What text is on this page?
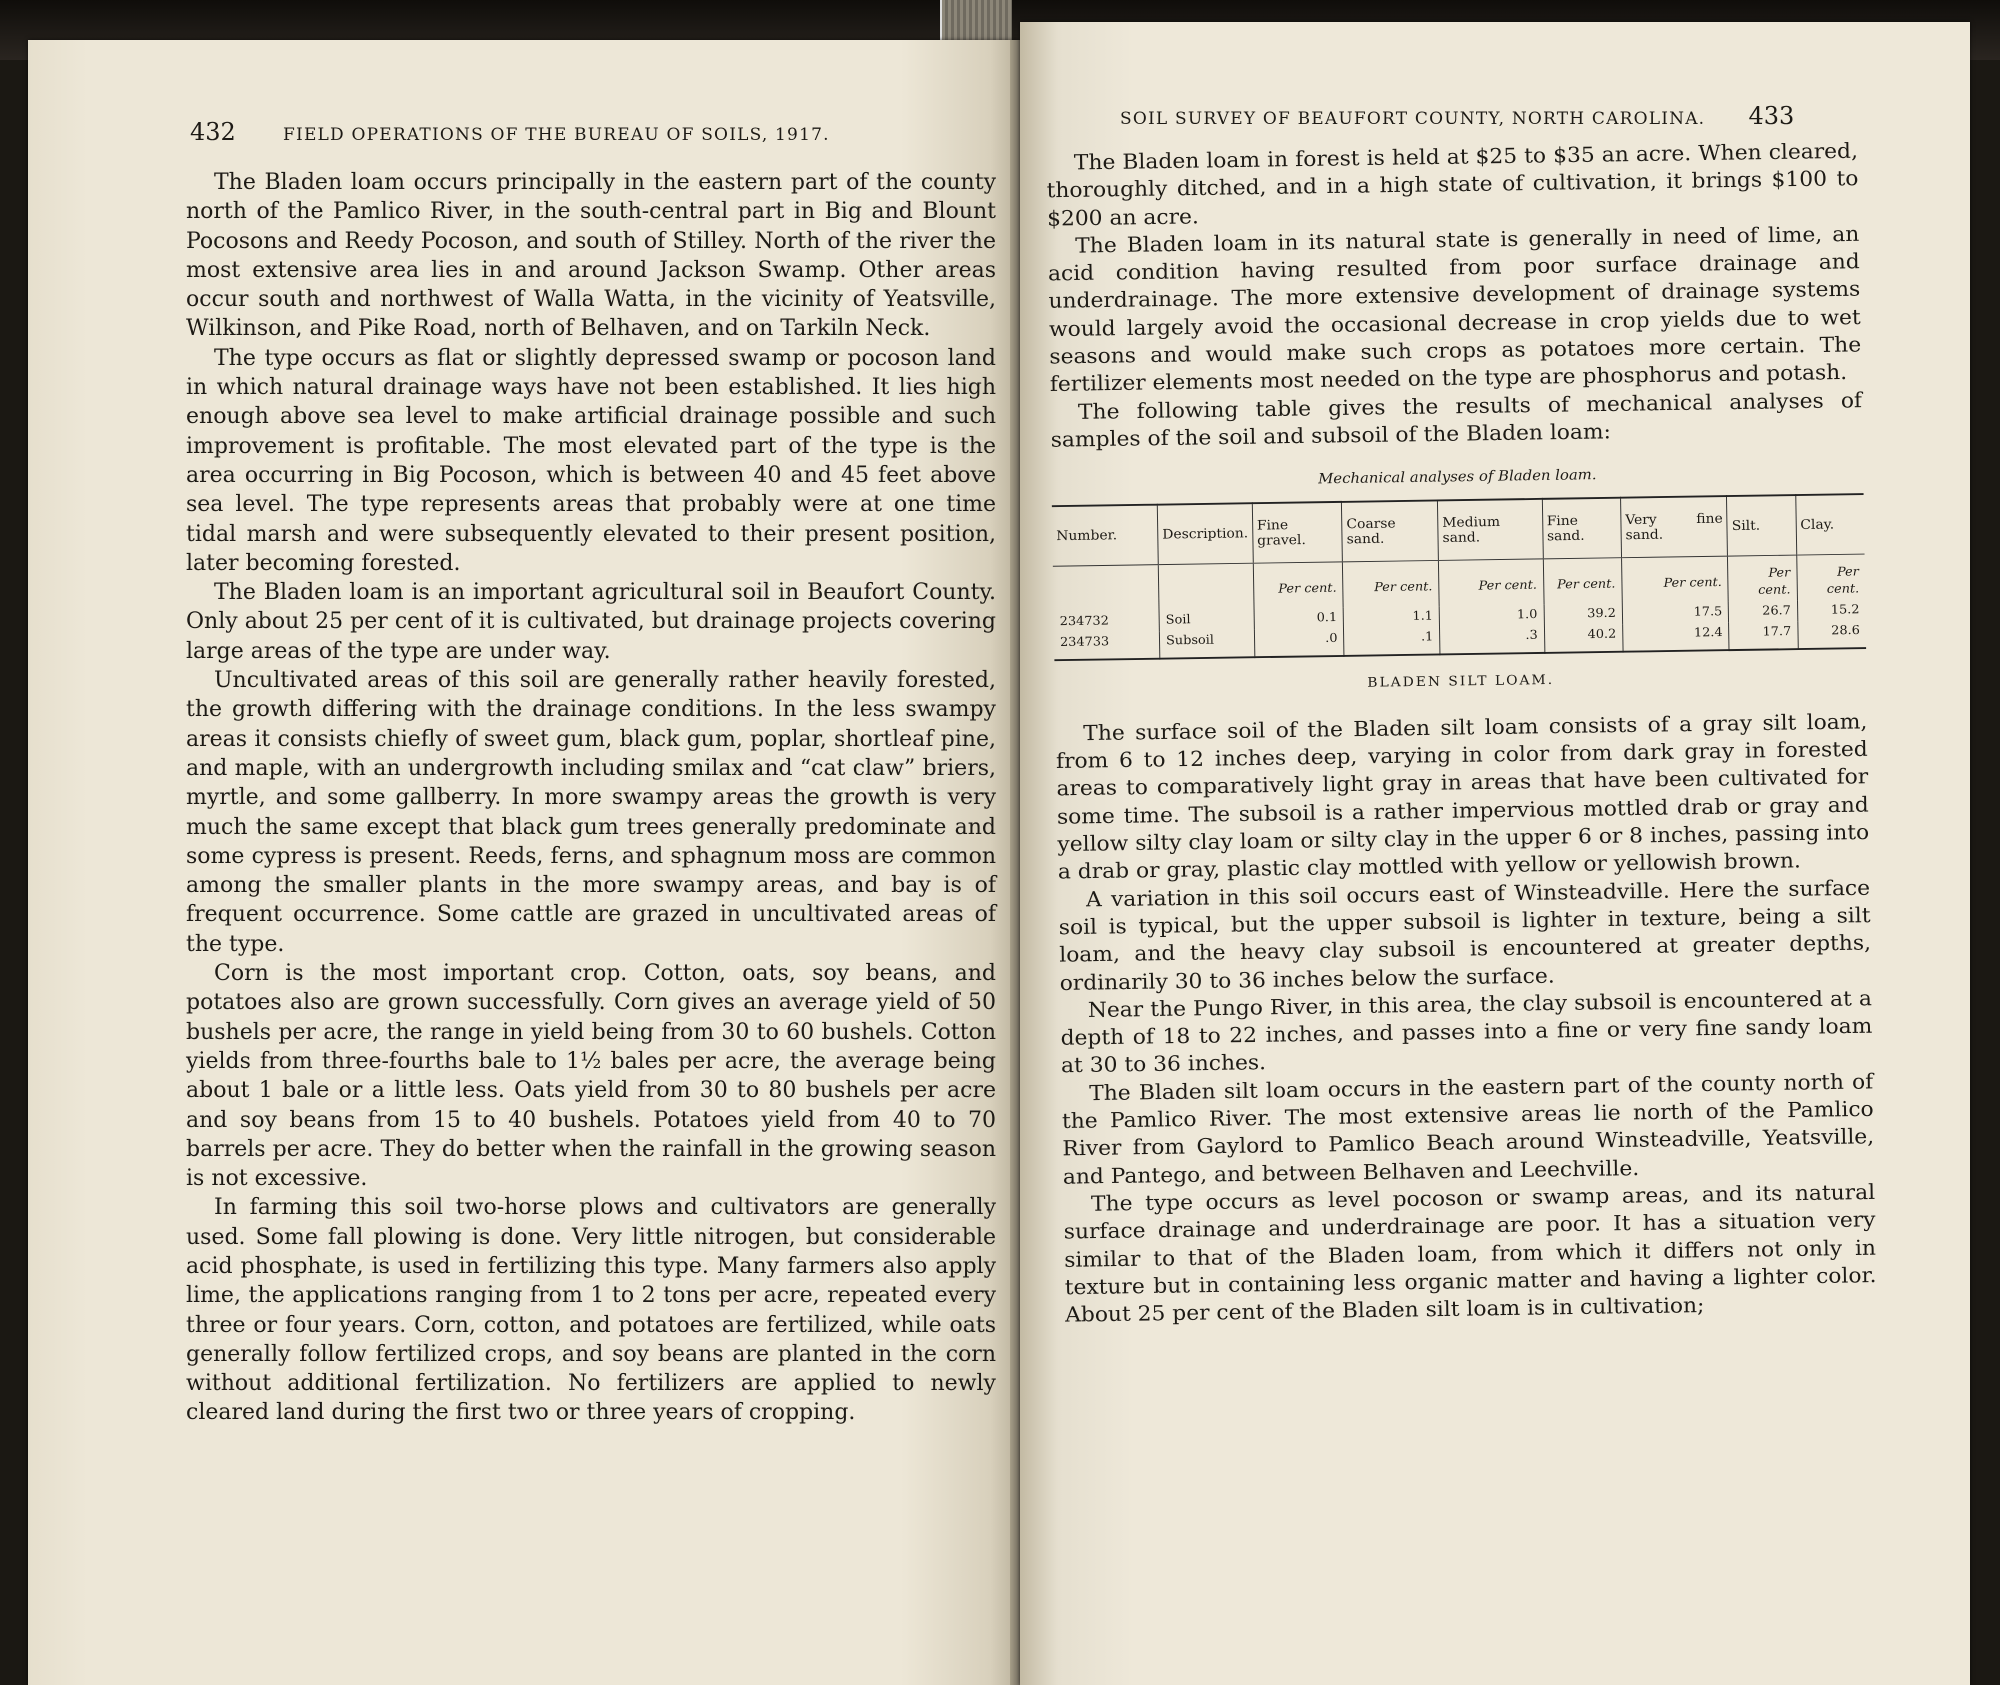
432	FIELD OPERATIONS OF THE BUREAU OF SOILS, 1917.

The Bladen loam occurs principally in the eastern part of the county north of the Pamlico River, in the south-central part in Big and Blount Pocosons and Reedy Pocoson, and south of Stilley. North of the river the most extensive area lies in and around Jackson Swamp. Other areas occur south and northwest of Walla Watta, in the vicinity of Yeatsville, Wilkinson, and Pike Road, north of Belhaven, and on Tarkiln Neck.

The type occurs as flat or slightly depressed swamp or pocoson land in which natural drainage ways have not been established. It lies high enough above sea level to make artificial drainage possible and such improvement is profitable. The most elevated part of the type is the area occurring in Big Pocoson, which is between 40 and 45 feet above sea level. The type represents areas that probably were at one time tidal marsh and were subsequently elevated to their present position, later becoming forested.

The Bladen loam is an important agricultural soil in Beaufort County. Only about 25 per cent of it is cultivated, but drainage projects covering large areas of the type are under way.

Uncultivated areas of this soil are generally rather heavily forested, the growth differing with the drainage conditions. In the less swampy areas it consists chiefly of sweet gum, black gum, poplar, shortleaf pine, and maple, with an undergrowth including smilax and “cat claw” briers, myrtle, and some gallberry. In more swampy areas the growth is very much the same except that black gum trees generally predominate and some cypress is present. Reeds, ferns, and sphagnum moss are common among the smaller plants in the more swampy areas, and bay is of frequent occurrence. Some cattle are grazed in uncultivated areas of the type.

Corn is the most important crop. Cotton, oats, soy beans, and potatoes also are grown successfully. Corn gives an average yield of 50 bushels per acre, the range in yield being from 30 to 60 bushels. Cotton yields from three-fourths bale to 1½ bales per acre, the average being about 1 bale or a little less. Oats yield from 30 to 80 bushels per acre and soy beans from 15 to 40 bushels. Potatoes yield from 40 to 70 barrels per acre. They do better when the rainfall in the growing season is not excessive.

In farming this soil two-horse plows and cultivators are generally used. Some fall plowing is done. Very little nitrogen, but considerable acid phosphate, is used in fertilizing this type. Many farmers also apply lime, the applications ranging from 1 to 2 tons per acre, repeated every three or four years. Corn, cotton, and potatoes are fertilized, while oats generally follow fertilized crops, and soy beans are planted in the corn without additional fertilization. No fertilizers are applied to newly cleared land during the first two or three years of cropping.

SOIL SURVEY OF BEAUFORT COUNTY, NORTH CAROLINA. 433

The Bladen loam in forest is held at $25 to $35 an acre. When cleared, thoroughly ditched, and in a high state of cultivation, it brings $100 to $200 an acre.

The Bladen loam in its natural state is generally in need of lime, an acid condition having resulted from poor surface drainage and underdrainage. The more extensive development of drainage systems would largely avoid the occasional decrease in crop yields due to wet seasons and would make such crops as potatoes more certain. The fertilizer elements most needed on the type are phosphorus and potash.

The following table gives the results of mechanical analyses of samples of the soil and subsoil of the Bladen loam:

Mechanical analyses of Bladen loam.
Number.	Description.	Fine gravel.	Coarse sand.	Medium sand.	Fine sand.	Very fine sand.	Silt.	Clay.
		Per cent.	Per cent.	Per cent.	Per cent.	Per cent.	Per cent.	Per cent.
234732	Soil	0.1	1.1	1.0	39.2	17.5	26.7	15.2
234733	Subsoil	.0	.1	.3	40.2	12.4	17.7	28.6
BLADEN SILT LOAM.

The surface soil of the Bladen silt loam consists of a gray silt loam, from 6 to 12 inches deep, varying in color from dark gray in forested areas to comparatively light gray in areas that have been cultivated for some time. The subsoil is a rather impervious mottled drab or gray and yellow silty clay loam or silty clay in the upper 6 or 8 inches, passing into a drab or gray, plastic clay mottled with yellow or yellowish brown.

A variation in this soil occurs east of Winsteadville. Here the surface soil is typical, but the upper subsoil is lighter in texture, being a silt loam, and the heavy clay subsoil is encountered at greater depths, ordinarily 30 to 36 inches below the surface.

Near the Pungo River, in this area, the clay subsoil is encountered at a depth of 18 to 22 inches, and passes into a fine or very fine sandy loam at 30 to 36 inches.

The Bladen silt loam occurs in the eastern part of the county north of the Pamlico River. The most extensive areas lie north of the Pamlico River from Gaylord to Pamlico Beach around Winsteadville, Yeatsville, and Pantego, and between Belhaven and Leechville.

The type occurs as level pocoson or swamp areas, and its natural surface drainage and underdrainage are poor. It has a situation very similar to that of the Bladen loam, from which it differs not only in texture but in containing less organic matter and having a lighter color. About 25 per cent of the Bladen silt loam is in cultivation;
